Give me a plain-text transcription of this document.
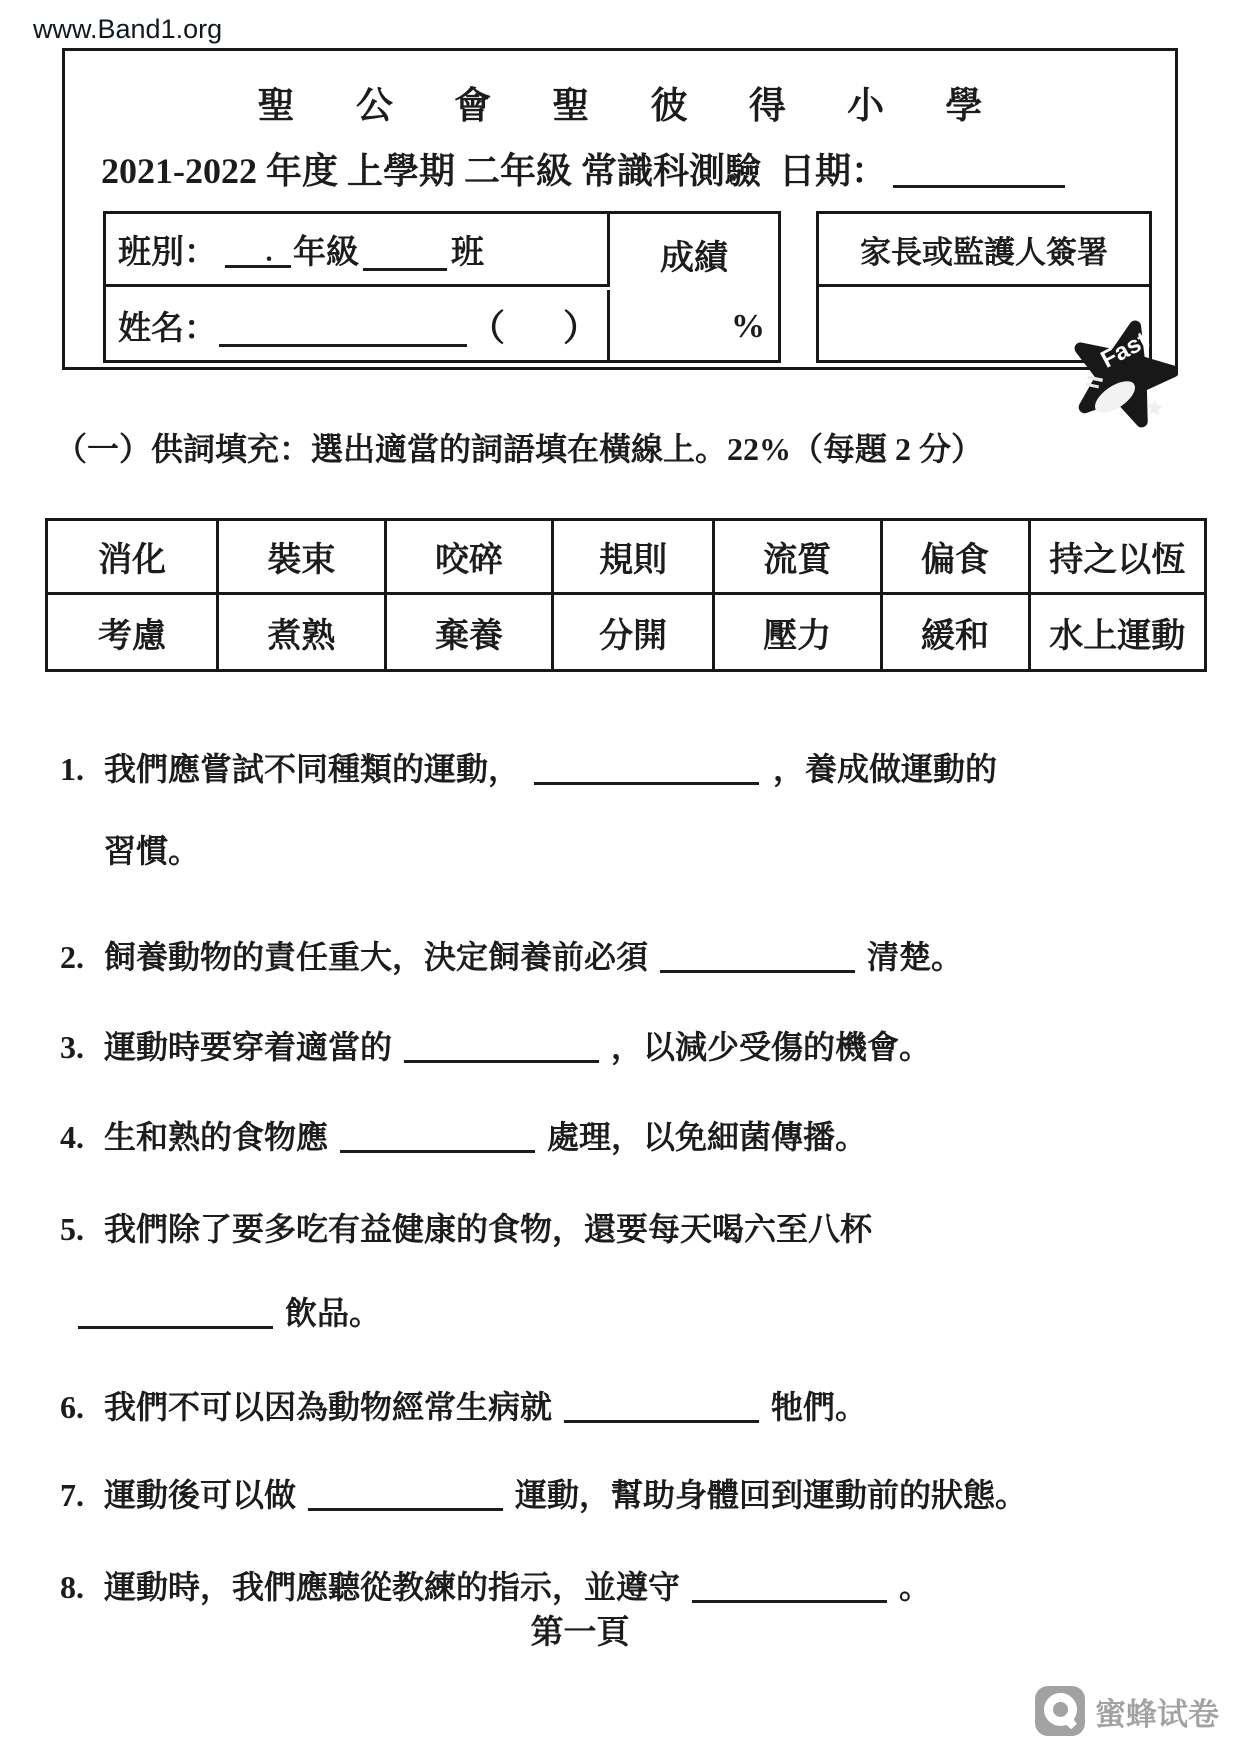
www.Band1.org
聖 公 會 聖 彼 得 小 學
2021-2022 年度 上學期 二年級 常識科測驗 日期：
班別：	． 年級	班
姓名：	（ ）
成績
%
家長或監護人簽署
Fast
（一）供詞填充：選出適當的詞語填在橫線上。22%（每題 2 分）
消化	裝束	咬碎	規則	流質	偏食	持之以恆
考慮	煮熟	棄養	分開	壓力	緩和	水上運動
1. 我們應嘗試不同種類的運動，	，養成做運動的
習慣。
2. 飼養動物的責任重大，決定飼養前必須	清楚。
3. 運動時要穿着適當的	，以減少受傷的機會。
4. 生和熟的食物應	處理，以免細菌傳播。
5. 我們除了要多吃有益健康的食物，還要每天喝六至八杯
飲品。
6. 我們不可以因為動物經常生病就	牠們。
7. 運動後可以做	運動，幫助身體回到運動前的狀態。
8. 運動時，我們應聽從教練的指示，並遵守	。
第一頁
蜜蜂试卷
